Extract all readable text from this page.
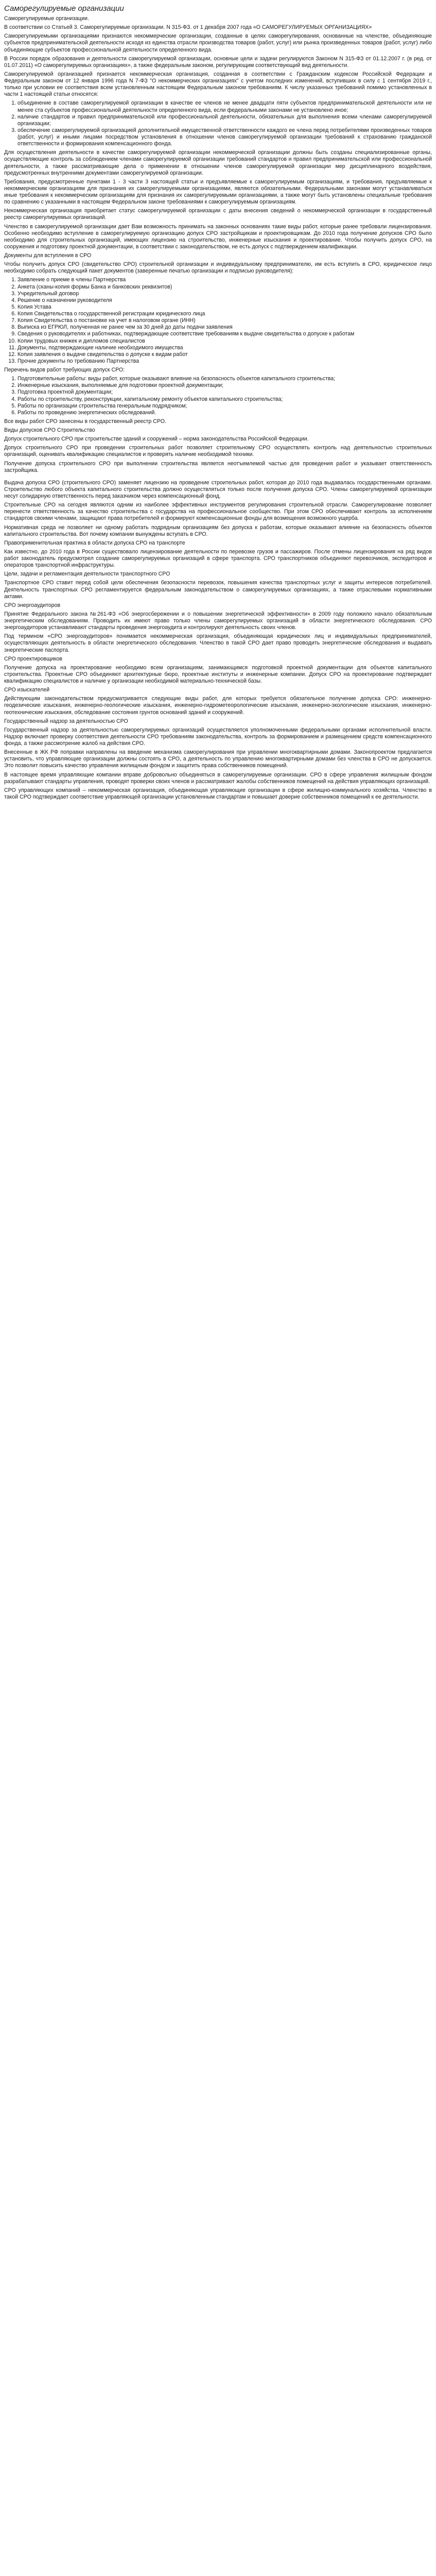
Саморегулируемые организации

Саморегулируемые организации.

В соответствии со Статьей 3. Саморегулируемые организации. N 315-ФЗ. от 1 декабря 2007 года «О САМОРЕГУЛИРУЕМЫХ ОРГАНИЗАЦИЯХ»

Саморегулируемыми организациями признаются некоммерческие организации, созданные в целях саморегулирования, основанные на членстве, объединяющие субъектов предпринимательской деятельности исходя из единства отрасли производства товаров (работ, услуг) или рынка произведенных товаров (работ, услуг) либо объединяющие субъектов профессиональной деятельности определенного вида.

В России порядок образования и деятельности саморегулируемой организации, основные цели и задачи регулируются Законом N 315-ФЗ от 01.12.2007 г. (в ред. от 01.07.2011) «О саморегулируемых организациях», а также федеральным законом, регулирующим соответствующий вид деятельности.

Саморегулируемой организацией признается некоммерческая организация, созданная в соответствии с Гражданским кодексом Российской Федерации и Федеральным законом от 12 января 1996 года N 7-ФЗ "О некоммерческих организациях" с учетом последних изменений, вступивших в силу с 1 сентября 2019 г., только при условии ее соответствия всем установленным настоящим Федеральным законом требованиям. К числу указанных требований помимо установленных в части 1 настоящей статьи относятся:

1. объединение в составе саморегулируемой организации в качестве ее членов не менее двадцати пяти субъектов предпринимательской деятельности или не менее ста субъектов профессиональной деятельности определенного вида, если федеральными законами не установлено иное;
2. наличие стандартов и правил предпринимательской или профессиональной деятельности, обязательных для выполнения всеми членами саморегулируемой организации;
3. обеспечение саморегулируемой организацией дополнительной имущественной ответственности каждого ее члена перед потребителями произведенных товаров (работ, услуг) и иными лицами посредством установления в отношении членов саморегулируемой организации требований к страхованию гражданской ответственности и формирования компенсационного фонда.

Для осуществления деятельности в качестве саморегулируемой организации некоммерческой организации должны быть созданы специализированные органы, осуществляющие контроль за соблюдением членами саморегулируемой организации требований стандартов и правил предпринимательской или профессиональной деятельности, а также рассматривающие дела о применении в отношении членов саморегулируемой организации мер дисциплинарного воздействия, предусмотренных внутренними документами саморегулируемой организации.

Требования, предусмотренные пунктами 1 - 3 части 3 настоящей статьи и предъявляемые к саморегулируемым организациям, и требования, предъявляемые к некоммерческим организациям для признания их саморегулируемыми организациями, являются обязательными. Федеральными законами могут устанавливаться иные требования к некоммерческим организациям для признания их саморегулируемыми организациями, а также могут быть установлены специальные требования по сравнению с указанными в настоящем Федеральном законе требованиями к саморегулируемым организациям.

Некоммерческая организация приобретает статус саморегулируемой организации с даты внесения сведений о некоммерческой организации в государственный реестр саморегулируемых организаций.

Членство в саморегулируемой организации дает Вам возможность принимать на законных основаниях такие виды работ, которые ранее требовали лицензирования. Особенно необходимо вступление в саморегулируемую организацию допуск СРО застройщикам и проектировщикам. До 2010 года получение допусков СРО было необходимо для строительных организаций, имеющих лицензию на строительство, инженерные изыскания и проектирование. Чтобы получить допуск СРО, на сооружения и подготовку проектной документации, в соответствии с законодательством, не есть допуск с подтверждением квалификации.

Документы для вступления в СРО

Чтобы получить допуск СРО (свидетельство СРО) строительной организации и индивидуальному предпринимателю, им есть вступить в СРО, юридическое лицо необходимо собрать следующий пакет документов (заверенные печатью организации и подписью руководителя):

1. Заявление о приеме в члены Партнерства
2. Анкета (сканы-копия формы Банка и банковских реквизитов)
3. Учредительный договор
4. Решение о назначении руководителя
5. Копия Устава
6. Копия Свидетельства о государственной регистрации юридического лица
7. Копия Свидетельства о постановке на учет в налоговом органе (ИНН)
8. Выписка из ЕГРЮЛ, полученная не ранее чем за 30 дней до даты подачи заявления
9. Сведения о руководителях и работниках, подтверждающие соответствие требованиям к выдаче свидетельства о допуске к работам
10. Копии трудовых книжек и дипломов специалистов
11. Документы, подтверждающие наличие необходимого имущества
12. Копия заявления о выдаче свидетельства о допуске к видам работ
13. Прочие документы по требованию Партнерства

Перечень видов работ требующих допуск СРО:

1. Подготовительные работы: виды работ, которые оказывают влияние на безопасность объектов капитального строительства;
2. Инженерные изыскания, выполняемые для подготовки проектной документации;
3. Подготовка проектной документации;
4. Работы по строительству, реконструкции, капитальному ремонту объектов капитального строительства;
5. Работы по организации строительства генеральным подрядчиком;
6. Работы по проведению энергетических обследований.

Все виды работ СРО занесены в государственный реестр СРО.

Виды допусков СРО Строительство

Допуск строительного СРО при строительстве зданий и сооружений – норма законодательства Российской Федерации.

Допуск строительного СРО при проведении строительных работ позволяет строительному СРО осуществлять контроль над деятельностью строительных организаций, оценивать квалификацию специалистов и проверять наличие необходимой техники.

Получение допуска строительного СРО при выполнении строительства является неотъемлемой частью для проведения работ и указывает ответственность застройщика.

Выдача допуска СРО (строительного СРО) заменяет лицензию на проведение строительных работ, которая до 2010 года выдавалась государственными органами. Строительство любого объекта капитального строительства должно осуществляться только после получения допуска СРО. Члены саморегулируемой организации несут солидарную ответственность перед заказчиком через компенсационный фонд.

Строительные СРО на сегодня являются одним из наиболее эффективных инструментов регулирования строительной отрасли. Саморегулирование позволяет перенести ответственность за качество строительства с государства на профессиональное сообщество. При этом СРО обеспечивают контроль за исполнением стандартов своими членами, защищают права потребителей и формируют компенсационные фонды для возмещения возможного ущерба.

Нормативная среда не позволяет ни одному работать подрядным организациям без допуска к работам, которые оказывают влияние на безопасность объектов капитального строительства. Вот почему компании вынуждены вступать в СРО.

Правоприменительная практика в области допуска СРО на транспорте

Как известно, до 2010 года в России существовало лицензирование деятельности по перевозке грузов и пассажиров. После отмены лицензирования на ряд видов работ законодатель предусмотрел создание саморегулируемых организаций в сфере транспорта. СРО транспортников объединяют перевозчиков, экспедиторов и операторов транспортной инфраструктуры.

Цели, задачи и регламентация деятельности транспортного СРО

Транспортное СРО ставит перед собой цели обеспечения безопасности перевозок, повышения качества транспортных услуг и защиты интересов потребителей. Деятельность транспортных СРО регламентируется федеральным законодательством о саморегулируемых организациях, а также отраслевыми нормативными актами.

СРО энергоаудиторов

Принятие Федерального закона №261-ФЗ «Об энергосбережении и о повышении энергетической эффективности» в 2009 году положило начало обязательным энергетическим обследованиям. Проводить их имеют право только члены саморегулируемых организаций в области энергетического обследования. СРО энергоаудиторов устанавливают стандарты проведения энергоаудита и контролируют деятельность своих членов.

Под термином «СРО энергоаудиторов» понимается некоммерческая организация, объединяющая юридических лиц и индивидуальных предпринимателей, осуществляющих деятельность в области энергетического обследования. Членство в такой СРО дает право проводить энергетические обследования и выдавать энергетические паспорта.

СРО проектировщиков

Получение допуска на проектирование необходимо всем организациям, занимающимся подготовкой проектной документации для объектов капитального строительства. Проектные СРО объединяют архитектурные бюро, проектные институты и инженерные компании. Допуск СРО на проектирование подтверждает квалификацию специалистов и наличие у организации необходимой материально-технической базы.

СРО изыскателей

Действующим законодательством предусматривается следующие виды работ, для которых требуется обязательное получение допуска СРО: инженерно-геодезические изыскания, инженерно-геологические изыскания, инженерно-гидрометеорологические изыскания, инженерно-экологические изыскания, инженерно-геотехнические изыскания, обследование состояния грунтов оснований зданий и сооружений.

Государственный надзор за деятельностью СРО

Государственный надзор за деятельностью саморегулируемых организаций осуществляется уполномоченными федеральными органами исполнительной власти. Надзор включает проверку соответствия деятельности СРО требованиям законодательства, контроль за формированием и размещением средств компенсационного фонда, а также рассмотрение жалоб на действия СРО.

Внесенные в ЖК РФ поправки направлены на введение механизма саморегулирования при управлении многоквартирными домами. Законопроектом предлагается установить, что управляющие организации должны состоять в СРО, а деятельность по управлению многоквартирными домами без членства в СРО не допускается. Это позволит повысить качество управления жилищным фондом и защитить права собственников помещений.

В настоящее время управляющие компании вправе добровольно объединяться в саморегулируемые организации. СРО в сфере управления жилищным фондом разрабатывают стандарты управления, проводят проверки своих членов и рассматривают жалобы собственников помещений на действия управляющих организаций.

СРО управляющих компаний – некоммерческая организация, объединяющая управляющие организации в сфере жилищно-коммунального хозяйства. Членство в такой СРО подтверждает соответствие управляющей организации установленным стандартам и повышает доверие собственников помещений к ее деятельности.
